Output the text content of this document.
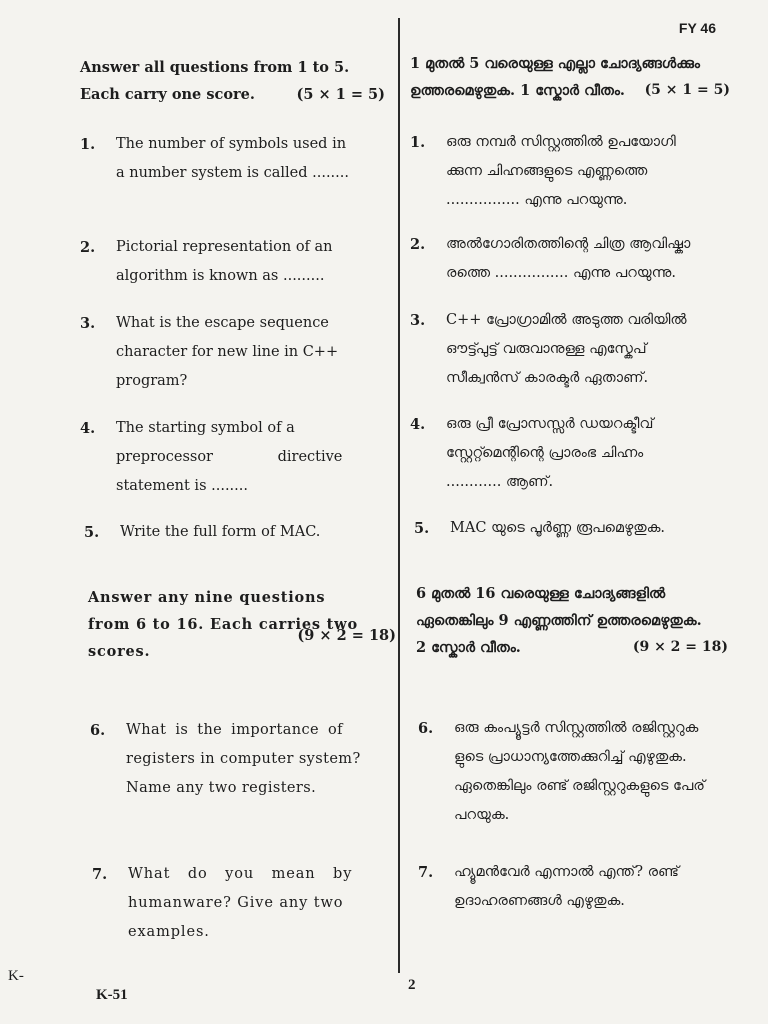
FY 46
Answer all questions from 1 to 5.
Each carry one score.	(5 × 1 = 5)
1.	The number of symbols used in
a number system is called ........
2.	Pictorial representation of an
algorithm is known as .........
3.	What is the escape sequence
character for new line in C++
program?
4.	The starting symbol of a
preprocessor directive
statement is ........
5.	Write the full form of MAC.
Answer any nine questions
from 6 to 16. Each carries two
scores.
(9 × 2 = 18)
6.	What is the importance of
registers in computer system?
Name any two registers.
7.	What do you mean by
humanware? Give any two
examples.
1 മുതൽ 5 വരെയുള്ള എല്ലാ ചോദ്യങ്ങൾക്കും
ഉത്തരമെഴുതുക. 1 സ്കോർ വീതം. (5 × 1 = 5)
1.	ഒരു നമ്പർ സിസ്റ്റത്തിൽ ഉപയോഗി
ക്കുന്ന ചിഹ്നങ്ങളുടെ എണ്ണത്തെ
................ എന്നു പറയുന്നു.
2.	അൽഗോരിതത്തിന്റെ ചിത്ര ആവിഷ്കാ
രത്തെ ................ എന്നു പറയുന്നു.
3.	C++ പ്രോഗ്രാമിൽ അടുത്ത വരിയിൽ
ഔട്ട്പുട്ട് വരുവാനുള്ള എസ്കേപ്
സീക്വൻസ് കാരക്ടർ ഏതാണ്.
4.	ഒരു പ്രീ പ്രോസസ്സർ ഡയറക്ടീവ്
സ്റ്റേറ്റ്മെന്റിന്റെ പ്രാരംഭ ചിഹ്നം
............ ആണ്.
5.	MAC യുടെ പൂർണ്ണ രൂപമെഴുതുക.
6 മുതൽ 16 വരെയുള്ള ചോദ്യങ്ങളിൽ
ഏതെങ്കിലും 9 എണ്ണത്തിന് ഉത്തരമെഴുതുക.
2 സ്കോർ വീതം.	(9 × 2 = 18)
6.	ഒരു കംപ്യൂട്ടർ സിസ്റ്റത്തിൽ രജിസ്റ്ററുക
ളുടെ പ്രാധാന്യത്തേക്കുറിച്ച് എഴുതുക.
ഏതെങ്കിലും രണ്ട് രജിസ്റ്ററുകളുടെ പേര്
പറയുക.
7.	ഹ്യൂമൻവേർ എന്നാൽ എന്ത്? രണ്ട്
ഉദാഹരണങ്ങൾ എഴുതുക.
K-
K-51
2
